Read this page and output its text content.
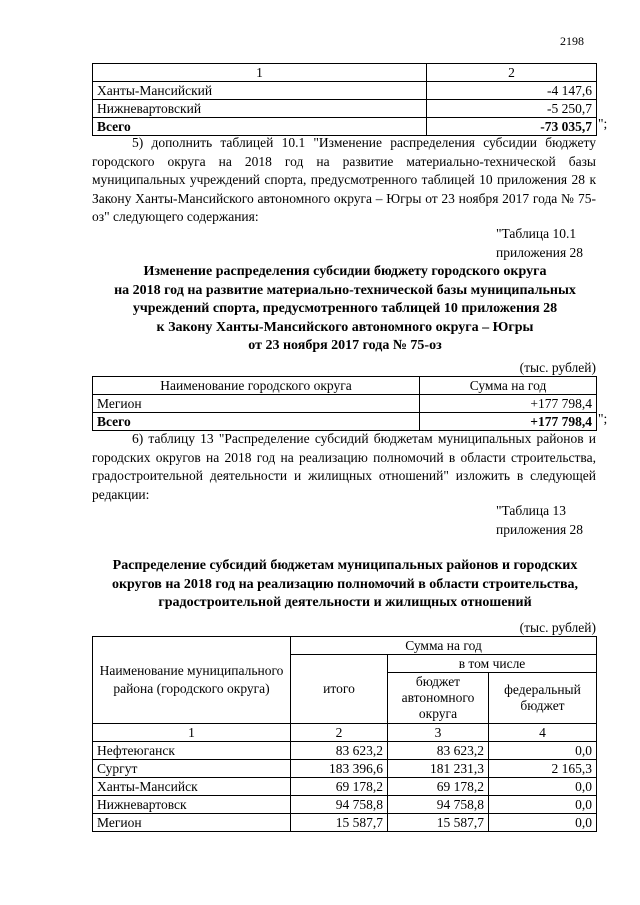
2198
1	2
Ханты-Мансийский	-4 147,6
Нижневартовский	-5 250,7
Всего	-73 035,7 ";
5) дополнить таблицей 10.1 "Изменение распределения субсидии бюджету городского округа на 2018 год на развитие материально-технической базы муниципальных учреждений спорта, предусмотренного таблицей 10 приложения 28 к Закону Ханты-Мансийского автономного округа – Югры от 23 ноября 2017 года № 75-оз" следующего содержания:
"Таблица 10.1
приложения 28
Изменение распределения субсидии бюджету городского округа
на 2018 год на развитие материально-технической базы муниципальных
учреждений спорта, предусмотренного таблицей 10 приложения 28
к Закону Ханты-Мансийского автономного округа – Югры
от 23 ноября 2017 года № 75-оз
(тыс. рублей)
Наименование городского округа	Сумма на год
Мегион	+177 798,4
Всего	+177 798,4 ";
6) таблицу 13 "Распределение субсидий бюджетам муниципальных районов и городских округов на 2018 год на реализацию полномочий в области строительства, градостроительной деятельности и жилищных отношений" изложить в следующей редакции:
"Таблица 13
приложения 28
Распределение субсидий бюджетам муниципальных районов и городских
округов на 2018 год на реализацию полномочий в области строительства,
градостроительной деятельности и жилищных отношений
(тыс. рублей)
Наименование муниципального района (городского округа)	Сумма на год		
	итого	в том числе	
		бюджет автономного округа	федеральный бюджет
1	2	3	4
Нефтеюганск	83 623,2	83 623,2	0,0
Сургут	183 396,6	181 231,3	2 165,3
Ханты-Мансийск	69 178,2	69 178,2	0,0
Нижневартовск	94 758,8	94 758,8	0,0
Мегион	15 587,7	15 587,7	0,0
